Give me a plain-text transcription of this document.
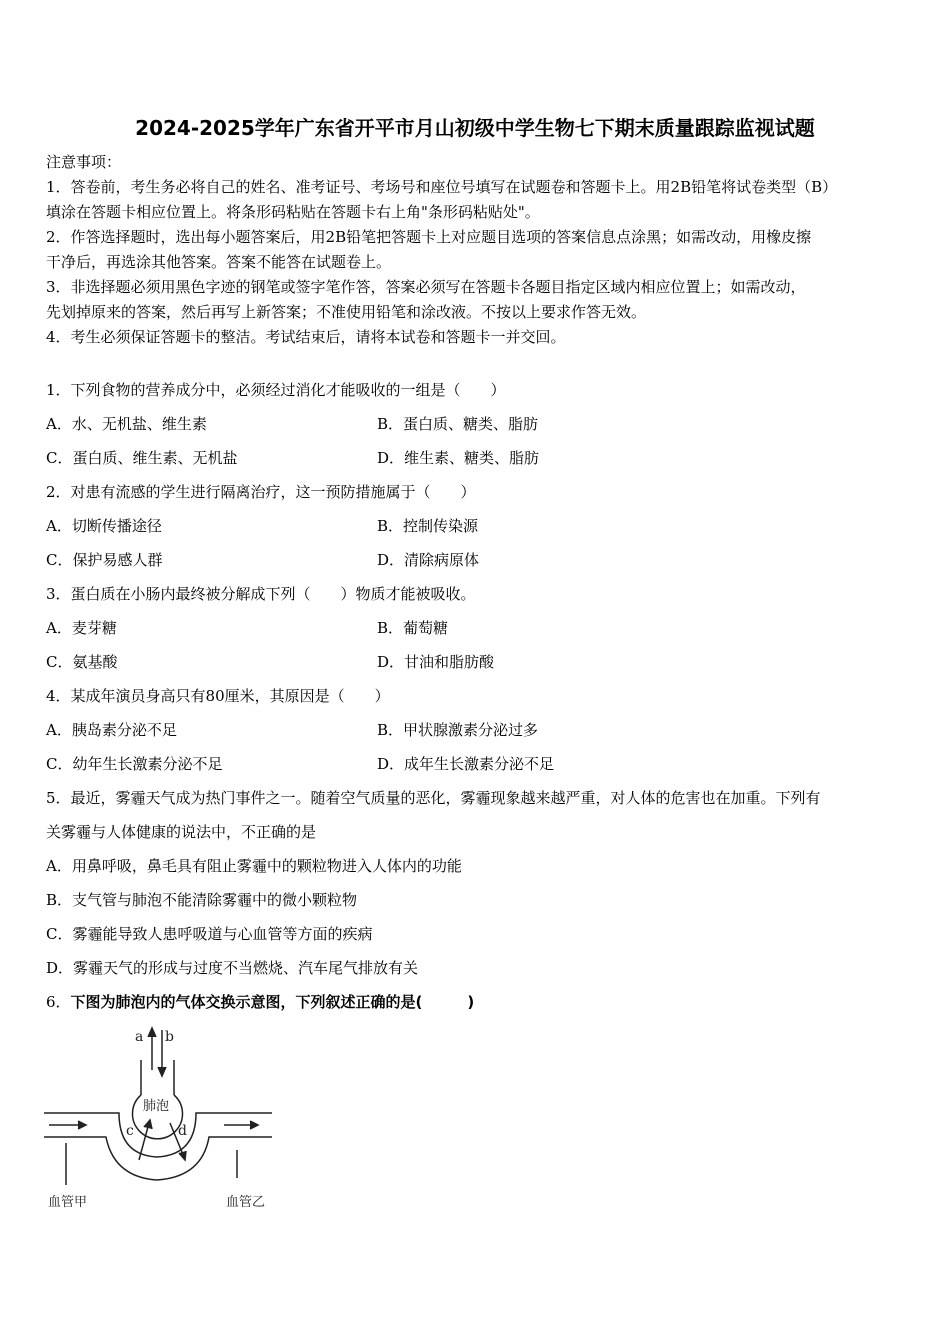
2024-2025学年广东省开平市月山初级中学生物七下期末质量跟踪监视试题
注意事项：
1．答卷前，考生务必将自己的姓名、准考证号、考场号和座位号填写在试题卷和答题卡上。用2B铅笔将试卷类型（B）
填涂在答题卡相应位置上。将条形码粘贴在答题卡右上角"条形码粘贴处"。
2．作答选择题时，选出每小题答案后，用2B铅笔把答题卡上对应题目选项的答案信息点涂黑；如需改动，用橡皮擦
干净后，再选涂其他答案。答案不能答在试题卷上。
3．非选择题必须用黑色字迹的钢笔或签字笔作答，答案必须写在答题卡各题目指定区域内相应位置上；如需改动，
先划掉原来的答案，然后再写上新答案；不准使用铅笔和涂改液。不按以上要求作答无效。
4．考生必须保证答题卡的整洁。考试结束后，请将本试卷和答题卡一并交回。
1．下列食物的营养成分中，必须经过消化才能吸收的一组是（　　）
A．水、无机盐、维生素	B．蛋白质、糖类、脂肪
C．蛋白质、维生素、无机盐	D．维生素、糖类、脂肪
2．对患有流感的学生进行隔离治疗，这一预防措施属于（　　）
A．切断传播途径	B．控制传染源
C．保护易感人群	D．清除病原体
3．蛋白质在小肠内最终被分解成下列（　　）物质才能被吸收。
A．麦芽糖	B．葡萄糖
C．氨基酸	D．甘油和脂肪酸
4．某成年演员身高只有80厘米，其原因是（　　）
A．胰岛素分泌不足	B．甲状腺激素分泌过多
C．幼年生长激素分泌不足	D．成年生长激素分泌不足
5．最近，雾霾天气成为热门事件之一。随着空气质量的恶化，雾霾现象越来越严重，对人体的危害也在加重。下列有
关雾霾与人体健康的说法中，不正确的是
A．用鼻呼吸，鼻毛具有阻止雾霾中的颗粒物进入人体内的功能
B．支气管与肺泡不能清除雾霾中的微小颗粒物
C．雾霾能导致人患呼吸道与心血管等方面的疾病
D．雾霾天气的形成与过度不当燃烧、汽车尾气排放有关
6．下图为肺泡内的气体交换示意图，下列叙述正确的是(　　　)
a b
肺泡
c	d
血管甲	血管乙
